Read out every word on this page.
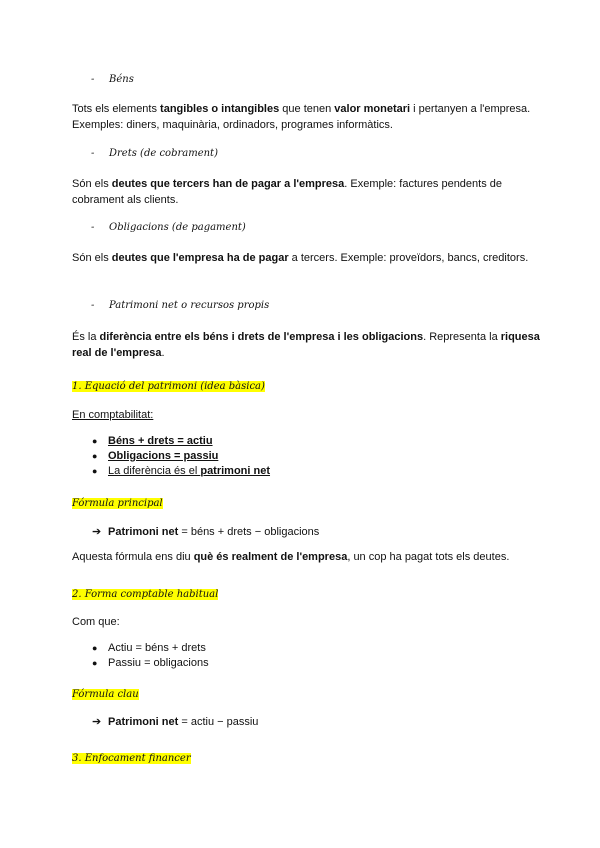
- Béns
Tots els elements tangibles o intangibles que tenen valor monetari i pertanyen a l'empresa. Exemples: diners, maquinària, ordinadors, programes informàtics.
- Drets (de cobrament)
Són els deutes que tercers han de pagar a l'empresa. Exemple: factures pendents de cobrament als clients.
- Obligacions (de pagament)
Són els deutes que l'empresa ha de pagar a tercers. Exemple: proveïdors, bancs, creditors.
- Patrimoni net o recursos propis
És la diferència entre els béns i drets de l'empresa i les obligacions. Representa la riquesa real de l'empresa.
1. Equació del patrimoni (idea bàsica)
En comptabilitat:
● Béns + drets = actiu
● Obligacions = passiu
● La diferència és el patrimoni net
Fórmula principal
➔ Patrimoni net = béns + drets − obligacions
Aquesta fórmula ens diu què és realment de l'empresa, un cop ha pagat tots els deutes.
2. Forma comptable habitual
Com que:
● Actiu = béns + drets
● Passiu = obligacions
Fórmula clau
➔ Patrimoni net = actiu − passiu
3. Enfocament financer
